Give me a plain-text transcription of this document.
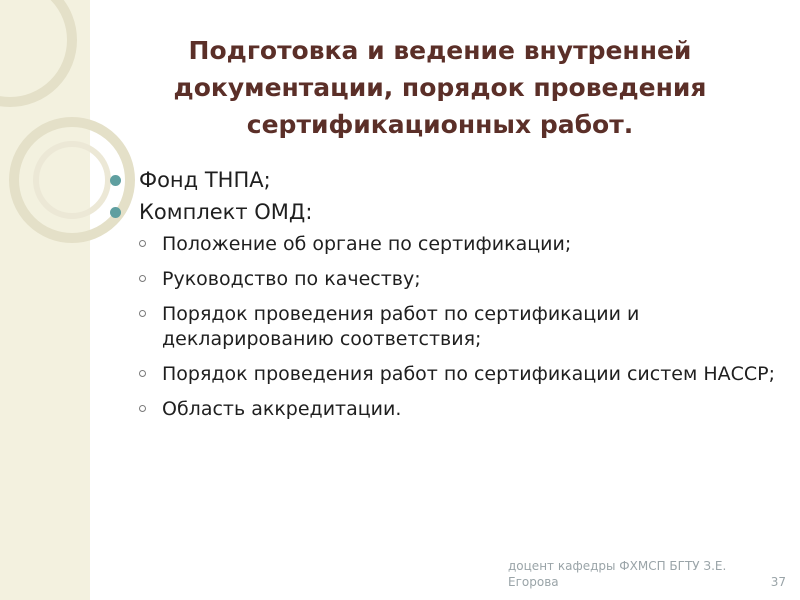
Подготовка и ведение внутренней документации, порядок проведения сертификационных работ.
Фонд ТНПА;
Комплект ОМД:
Положение об органе по сертификации;
Руководство по качеству;
Порядок проведения работ по сертификации и декларированию соответствия;
Порядок проведения работ по сертификации систем НАССР;
Область аккредитации.
доцент кафедры ФХМСП БГТУ З.Е. Егорова	37
